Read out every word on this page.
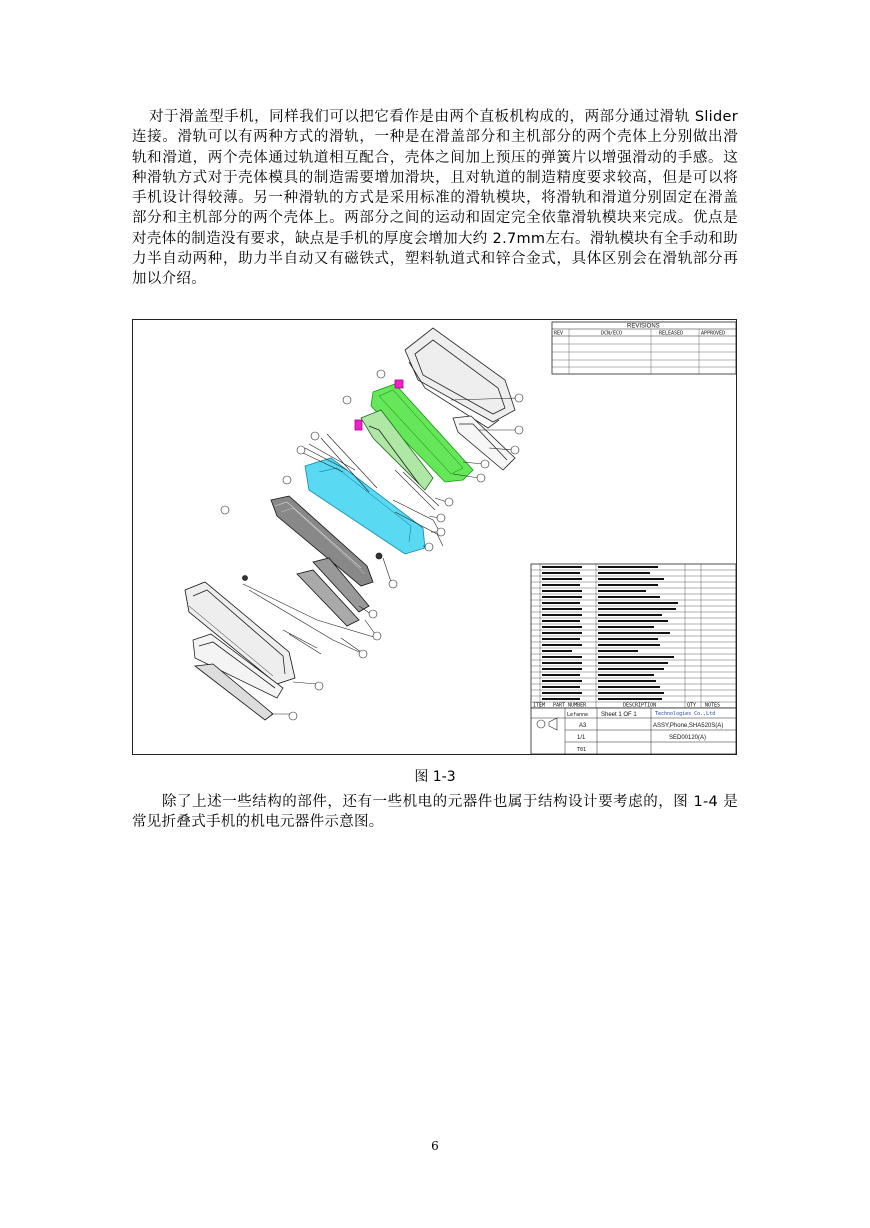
对于滑盖型手机，同样我们可以把它看作是由两个直板机构成的，两部分通过滑轨 Slider 连接。滑轨可以有两种方式的滑轨，一种是在滑盖部分和主机部分的两个壳体上分别做出滑轨和滑道，两个壳体通过轨道相互配合，壳体之间加上预压的弹簧片以增强滑动的手感。这种滑轨方式对于壳体模具的制造需要增加滑块，且对轨道的制造精度要求较高，但是可以将手机设计得较薄。另一种滑轨的方式是采用标准的滑轨模块，将滑轨和滑道分别固定在滑盖部分和主机部分的两个壳体上。两部分之间的运动和固定完全依靠滑轨模块来完成。优点是对壳体的制造没有要求，缺点是手机的厚度会增加大约 2.7mm左右。滑轨模块有全手动和助力半自动两种，助力半自动又有磁铁式，塑料轨道式和锌合金式，具体区别会在滑轨部分再加以介绍。

REVISIONS
REV	DCN/ECO	RELEASED	APPROVED
ITEM PART NUMBER	DESCRIPTION	QTY NOTES
Lefanne Sheet 1 OF 1	Technologies Co.,Ltd
A3	ASSY,Phone,SHA520S(A)
1/1	SED00120(A)
T01
图 1-3

除了上述一些结构的部件，还有一些机电的元器件也属于结构设计要考虑的，图 1-4 是常见折叠式手机的机电元器件示意图。

6
